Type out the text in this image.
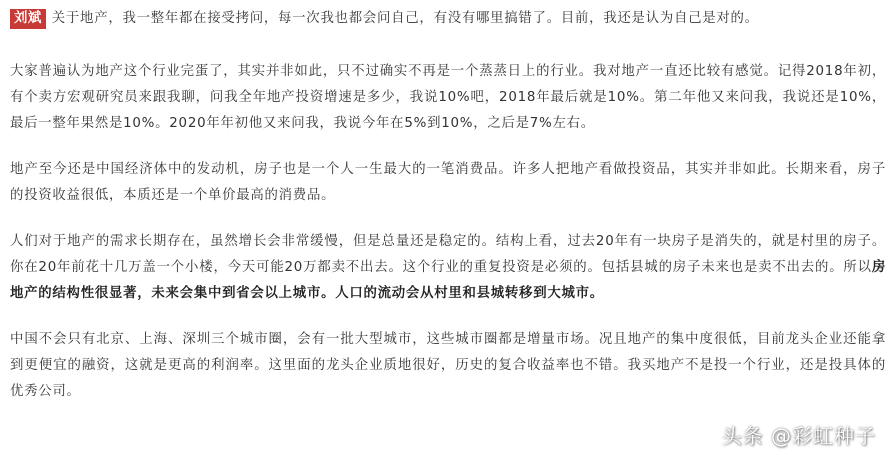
刘斌 关于地产，我一整年都在接受拷问，每一次我也都会问自己，有没有哪里搞错了。目前，我还是认为自己是对的。

大家普遍认为地产这个行业完蛋了，其实并非如此，只不过确实不再是一个蒸蒸日上的行业。我对地产一直还比较有感觉。记得2018年初，有个卖方宏观研究员来跟我聊，问我全年地产投资增速是多少，我说10%吧，2018年最后就是10%。第二年他又来问我，我说还是10%，最后一整年果然是10%。2020年年初他又来问我，我说今年在5%到10%，之后是7%左右。

地产至今还是中国经济体中的发动机，房子也是一个人一生最大的一笔消费品。许多人把地产看做投资品，其实并非如此。长期来看，房子的投资收益很低，本质还是一个单价最高的消费品。

人们对于地产的需求长期存在，虽然增长会非常缓慢，但是总量还是稳定的。结构上看，过去20年有一块房子是消失的，就是村里的房子。你在20年前花十几万盖一个小楼，今天可能20万都卖不出去。这个行业的重复投资是必须的。包括县城的房子未来也是卖不出去的。所以房地产的结构性很显著，未来会集中到省会以上城市。人口的流动会从村里和县城转移到大城市。

中国不会只有北京、上海、深圳三个城市圈，会有一批大型城市，这些城市圈都是增量市场。况且地产的集中度很低，目前龙头企业还能拿到更便宜的融资，这就是更高的利润率。这里面的龙头企业质地很好，历史的复合收益率也不错。我买地产不是投一个行业，还是投具体的优秀公司。

头条 @彩虹种子
